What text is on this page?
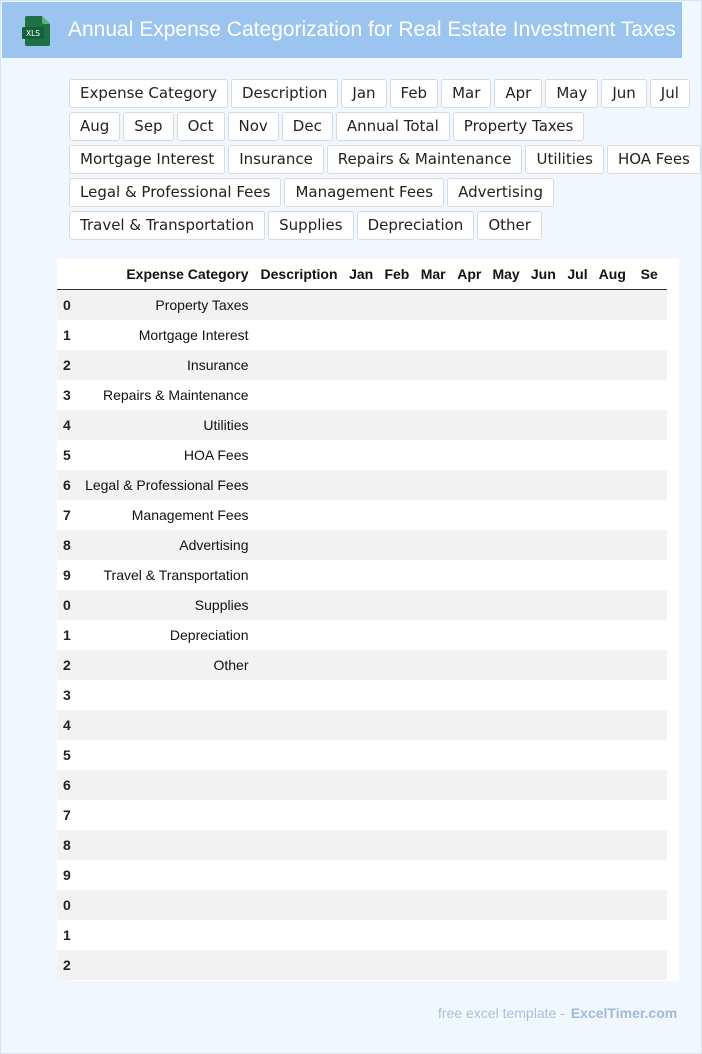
XLS Annual Expense Categorization for Real Estate Investment Taxes
Expense Category	Description	Jan	Feb	Mar	Apr	May	Jun	Jul
Aug	Sep	Oct	Nov	Dec	Annual Total	Property Taxes
Mortgage Interest	Insurance	Repairs & Maintenance	Utilities	HOA Fees
Legal & Professional Fees	Management Fees	Advertising
Travel & Transportation	Supplies	Depreciation	Other
	Expense Category	Description	Jan	Feb	Mar	Apr	May	Jun	Jul	Aug	Se
0	Property Taxes										
1	Mortgage Interest										
2	Insurance										
3	Repairs & Maintenance										
4	Utilities										
5	HOA Fees										
6	Legal & Professional Fees										
7	Management Fees										
8	Advertising										
9	Travel & Transportation										
0	Supplies										
1	Depreciation										
2	Other										
3											
4											
5											
6											
7											
8											
9											
0											
1											
2											
free excel template - ExcelTimer.com
